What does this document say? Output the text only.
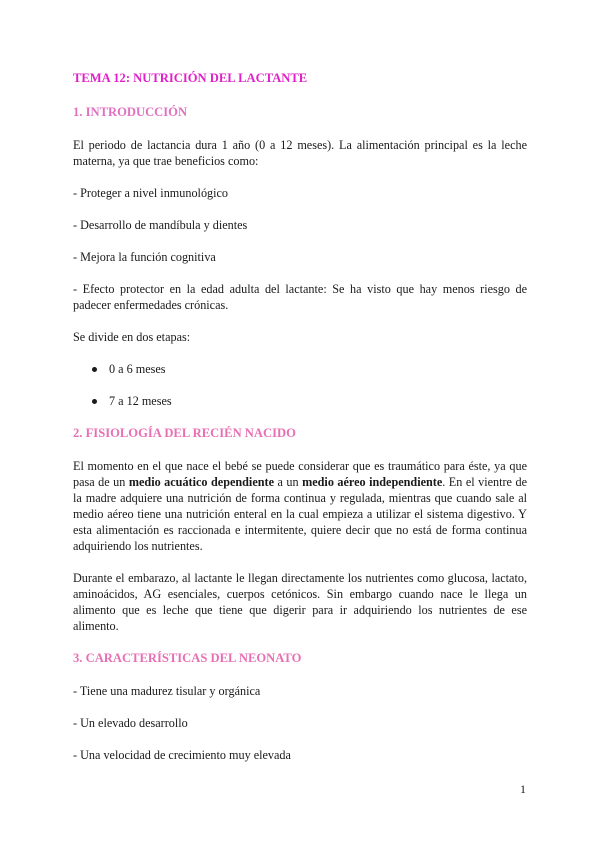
TEMA 12: NUTRICIÓN DEL LACTANTE
1. INTRODUCCIÓN

El periodo de lactancia dura 1 año (0 a 12 meses). La alimentación principal es la leche materna, ya que trae beneficios como:

- Proteger a nivel inmunológico

- Desarrollo de mandíbula y dientes

- Mejora la función cognitiva

- Efecto protector en la edad adulta del lactante: Se ha visto que hay menos riesgo de padecer enfermedades crónicas.

Se divide en dos etapas:

0 a 6 meses
7 a 12 meses
2. FISIOLOGÍA DEL RECIÉN NACIDO

El momento en el que nace el bebé se puede considerar que es traumático para éste, ya que pasa de un medio acuático dependiente a un medio aéreo independiente. En el vientre de la madre adquiere una nutrición de forma continua y regulada, mientras que cuando sale al medio aéreo tiene una nutrición enteral en la cual empieza a utilizar el sistema digestivo. Y esta alimentación es raccionada e intermitente, quiere decir que no está de forma continua adquiriendo los nutrientes.

Durante el embarazo, al lactante le llegan directamente los nutrientes como glucosa, lactato, aminoácidos, AG esenciales, cuerpos cetónicos. Sin embargo cuando nace le llega un alimento que es leche que tiene que digerir para ir adquiriendo los nutrientes de ese alimento.

3. CARACTERÍSTICAS DEL NEONATO

- Tiene una madurez tisular y orgánica

- Un elevado desarrollo

- Una velocidad de crecimiento muy elevada

1
